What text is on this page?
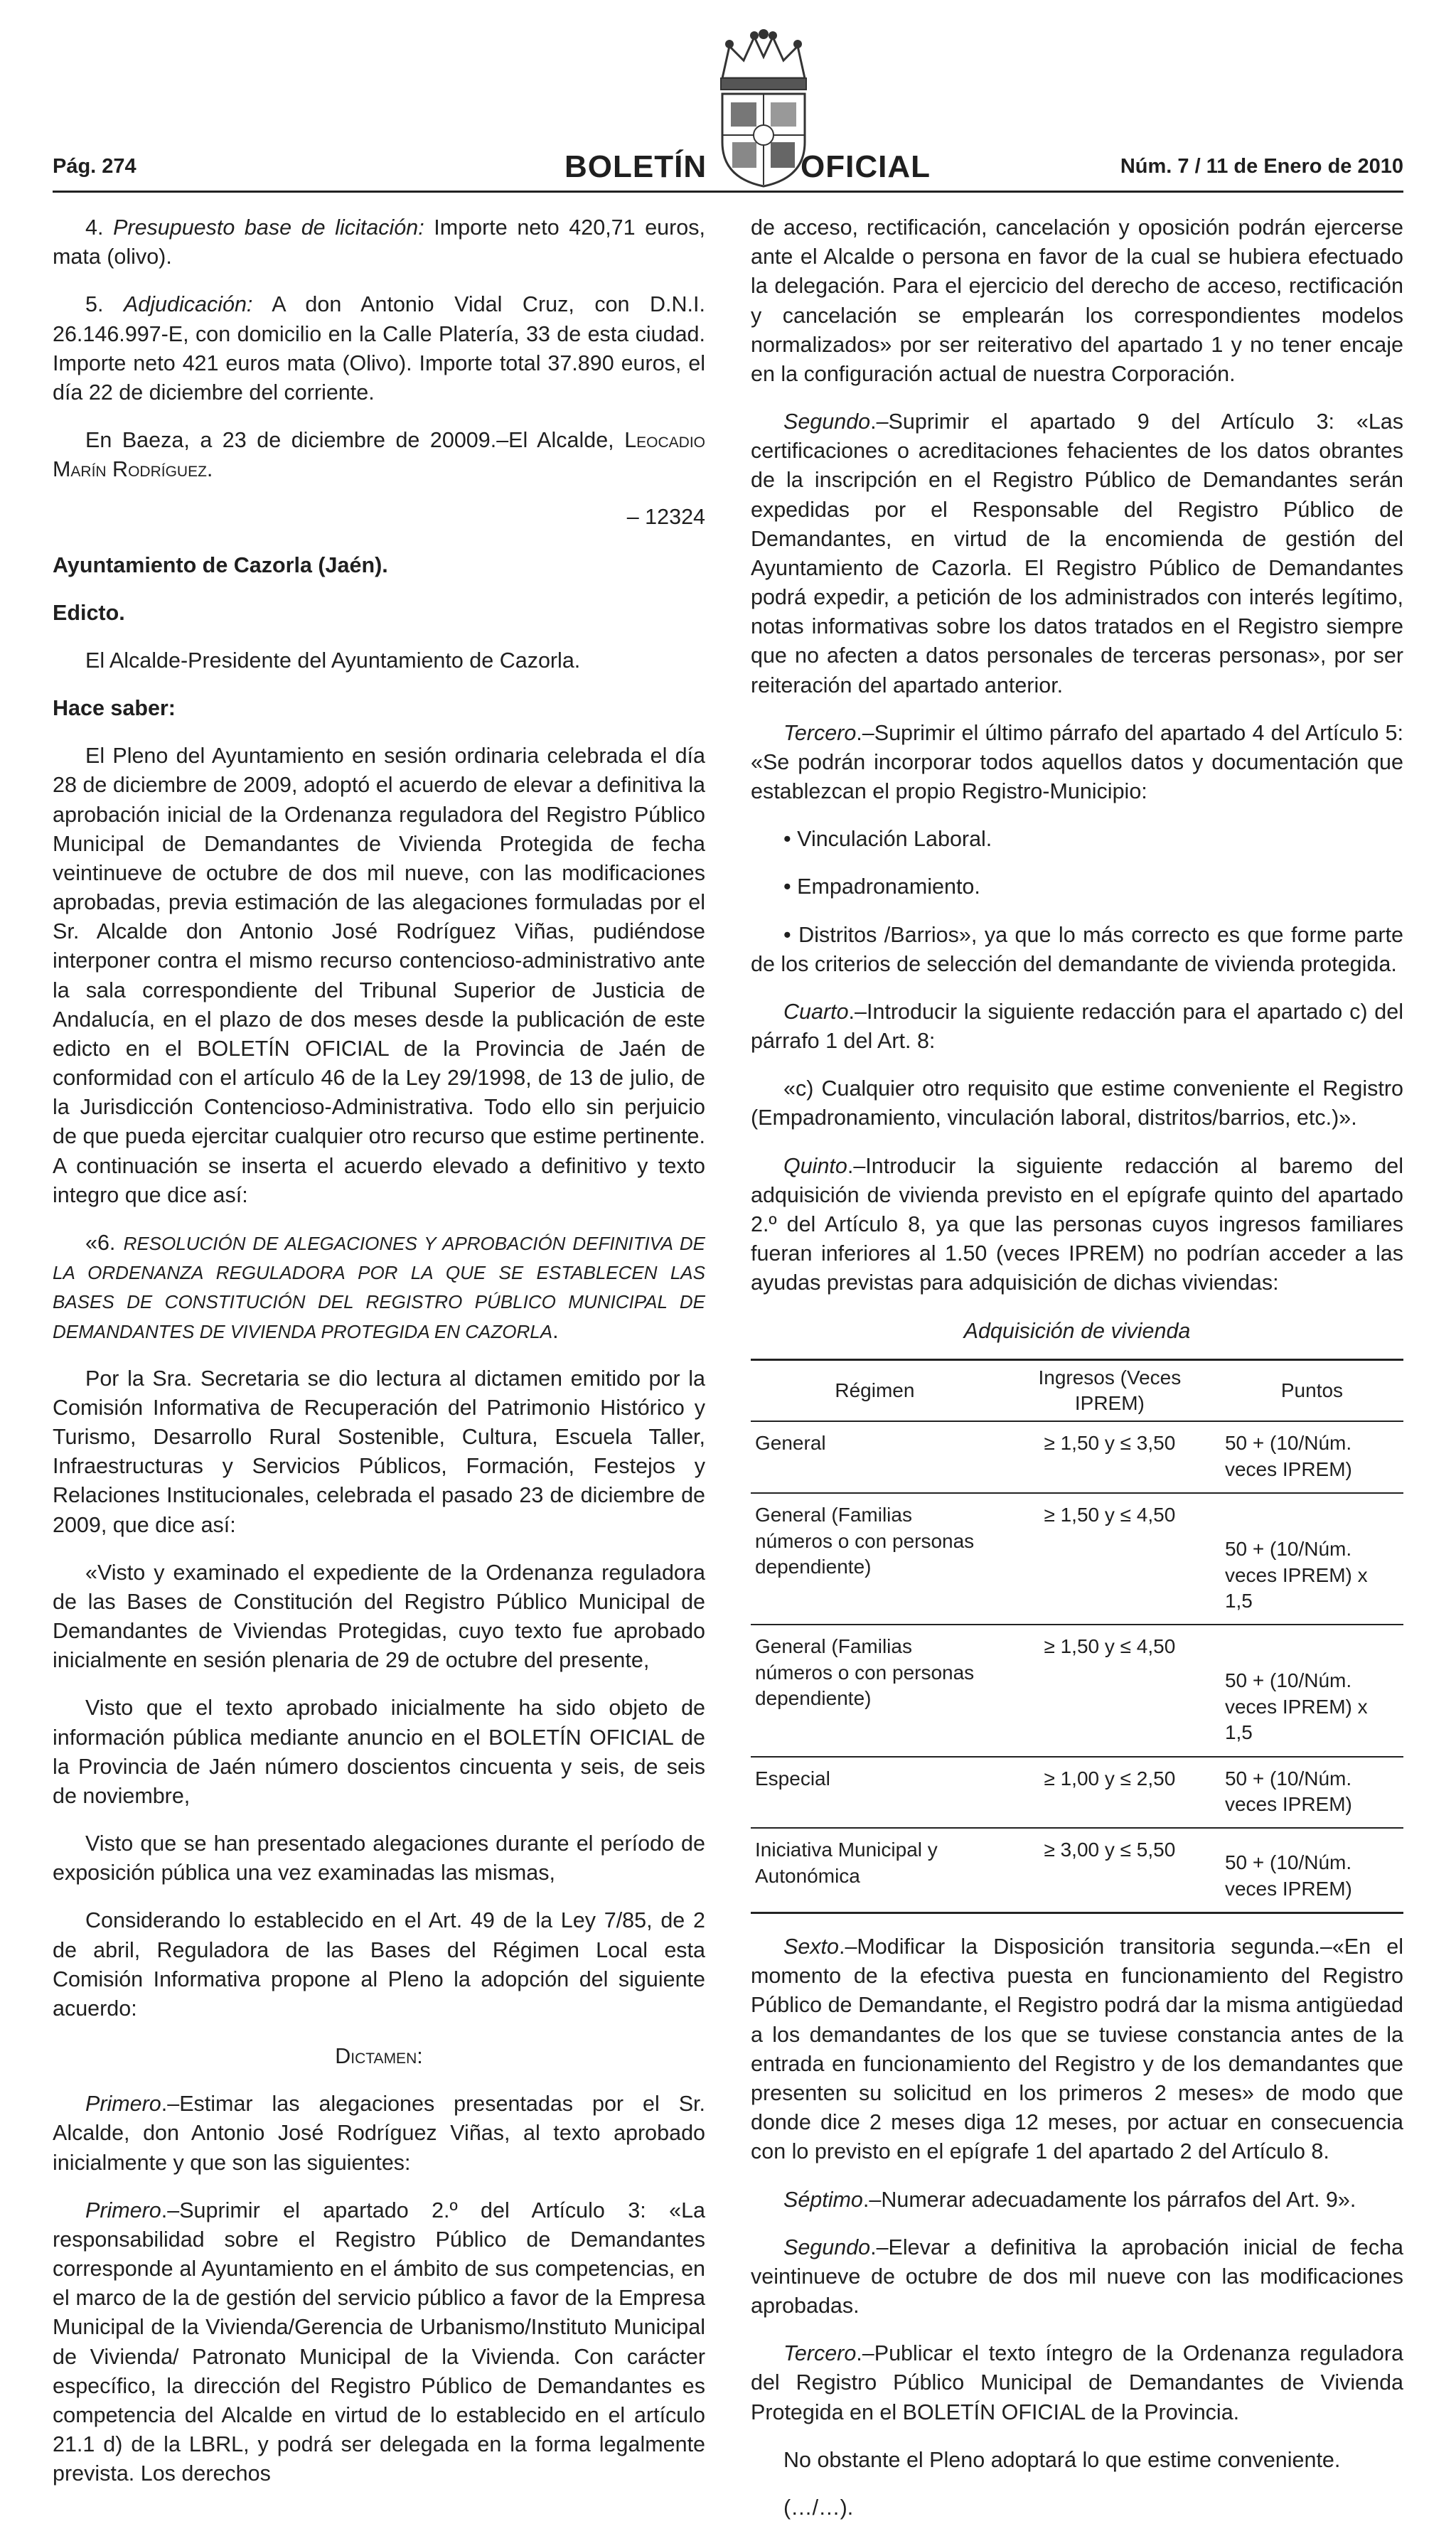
Pág. 274	BOLETÍN	OFICIAL	Núm. 7 / 11 de Enero de 2010

4. Presupuesto base de licitación: Importe neto 420,71 euros, mata (olivo).

5. Adjudicación: A don Antonio Vidal Cruz, con D.N.I. 26.146.997-E, con domicilio en la Calle Platería, 33 de esta ciudad. Importe neto 421 euros mata (Olivo). Importe total 37.890 euros, el día 22 de diciembre del corriente.

En Baeza, a 23 de diciembre de 20009.–El Alcalde, Leocadio Marín Rodríguez.

– 12324

Ayuntamiento de Cazorla (Jaén).

Edicto.

El Alcalde-Presidente del Ayuntamiento de Cazorla.

Hace saber:

El Pleno del Ayuntamiento en sesión ordinaria celebrada el día 28 de diciembre de 2009, adoptó el acuerdo de elevar a definitiva la aprobación inicial de la Ordenanza reguladora del Registro Público Municipal de Demandantes de Vivienda Protegida de fecha veintinueve de octubre de dos mil nueve, con las modificaciones aprobadas, previa estimación de las alegaciones formuladas por el Sr. Alcalde don Antonio José Rodríguez Viñas, pudiéndose interponer contra el mismo recurso contencioso-administrativo ante la sala correspondiente del Tribunal Superior de Justicia de Andalucía, en el plazo de dos meses desde la publicación de este edicto en el BOLETÍN OFICIAL de la Provincia de Jaén de conformidad con el artículo 46 de la Ley 29/1998, de 13 de julio, de la Jurisdicción Contencioso-Administrativa. Todo ello sin perjuicio de que pueda ejercitar cualquier otro recurso que estime pertinente. A continuación se inserta el acuerdo elevado a definitivo y texto integro que dice así:

«6. RESOLUCIÓN DE ALEGACIONES Y APROBACIÓN DEFINITIVA DE LA ORDENANZA REGULADORA POR LA QUE SE ESTABLECEN LAS BASES DE CONSTITUCIÓN DEL REGISTRO PÚBLICO MUNICIPAL DE DEMANDANTES DE VIVIENDA PROTEGIDA EN CAZORLA.

Por la Sra. Secretaria se dio lectura al dictamen emitido por la Comisión Informativa de Recuperación del Patrimonio Histórico y Turismo, Desarrollo Rural Sostenible, Cultura, Escuela Taller, Infraestructuras y Servicios Públicos, Formación, Festejos y Relaciones Institucionales, celebrada el pasado 23 de diciembre de 2009, que dice así:

«Visto y examinado el expediente de la Ordenanza reguladora de las Bases de Constitución del Registro Público Municipal de Demandantes de Viviendas Protegidas, cuyo texto fue aprobado inicialmente en sesión plenaria de 29 de octubre del presente,

Visto que el texto aprobado inicialmente ha sido objeto de información pública mediante anuncio en el BOLETÍN OFICIAL de la Provincia de Jaén número doscientos cincuenta y seis, de seis de noviembre,

Visto que se han presentado alegaciones durante el período de exposición pública una vez examinadas las mismas,

Considerando lo establecido en el Art. 49 de la Ley 7/85, de 2 de abril, Reguladora de las Bases del Régimen Local esta Comisión Informativa propone al Pleno la adopción del siguiente acuerdo:

Dictamen:

Primero.–Estimar las alegaciones presentadas por el Sr. Alcalde, don Antonio José Rodríguez Viñas, al texto aprobado inicialmente y que son las siguientes:

Primero.–Suprimir el apartado 2.º del Artículo 3: «La responsabilidad sobre el Registro Público de Demandantes corresponde al Ayuntamiento en el ámbito de sus competencias, en el marco de la de gestión del servicio público a favor de la Empresa Municipal de la Vivienda/Gerencia de Urbanismo/Instituto Municipal de Vivienda/ Patronato Municipal de la Vivienda. Con carácter específico, la dirección del Registro Público de Demandantes es competencia del Alcalde en virtud de lo establecido en el artículo 21.1 d) de la LBRL, y podrá ser delegada en la forma legalmente prevista. Los derechos

de acceso, rectificación, cancelación y oposición podrán ejercerse ante el Alcalde o persona en favor de la cual se hubiera efectuado la delegación. Para el ejercicio del derecho de acceso, rectificación y cancelación se emplearán los correspondientes modelos normalizados» por ser reiterativo del apartado 1 y no tener encaje en la configuración actual de nuestra Corporación.

Segundo.–Suprimir el apartado 9 del Artículo 3: «Las certificaciones o acreditaciones fehacientes de los datos obrantes de la inscripción en el Registro Público de Demandantes serán expedidas por el Responsable del Registro Público de Demandantes, en virtud de la encomienda de gestión del Ayuntamiento de Cazorla. El Registro Público de Demandantes podrá expedir, a petición de los administrados con interés legítimo, notas informativas sobre los datos tratados en el Registro siempre que no afecten a datos personales de terceras personas», por ser reiteración del apartado anterior.

Tercero.–Suprimir el último párrafo del apartado 4 del Artículo 5: «Se podrán incorporar todos aquellos datos y documentación que establezcan el propio Registro-Municipio:

• Vinculación Laboral.
• Empadronamiento.

• Distritos /Barrios», ya que lo más correcto es que forme parte de los criterios de selección del demandante de vivienda protegida.

Cuarto.–Introducir la siguiente redacción para el apartado c) del párrafo 1 del Art. 8:

«c) Cualquier otro requisito que estime conveniente el Registro (Empadronamiento, vinculación laboral, distritos/barrios, etc.)».

Quinto.–Introducir la siguiente redacción al baremo del adquisición de vivienda previsto en el epígrafe quinto del apartado 2.º del Artículo 8, ya que las personas cuyos ingresos familiares fueran inferiores al 1.50 (veces IPREM) no podrían acceder a las ayudas previstas para adquisición de dichas viviendas:

Adquisición de vivienda
Régimen	Ingresos (Veces IPREM)	Puntos
General	≥ 1,50 y ≤ 3,50	50 + (10/Núm. veces IPREM)
General (Familias números o con personas dependiente)	≥ 1,50 y ≤ 4,50	50 + (10/Núm. veces IPREM) x 1,5
General (Familias números o con personas dependiente)	≥ 1,50 y ≤ 4,50	50 + (10/Núm. veces IPREM) x 1,5
Especial	≥ 1,00 y ≤ 2,50	50 + (10/Núm. veces IPREM)
Iniciativa Municipal y Autonómica	≥ 3,00 y ≤ 5,50	50 + (10/Núm. veces IPREM)

Sexto.–Modificar la Disposición transitoria segunda.–«En el momento de la efectiva puesta en funcionamiento del Registro Público de Demandante, el Registro podrá dar la misma antigüedad a los demandantes de los que se tuviese constancia antes de la entrada en funcionamiento del Registro y de los demandantes que presenten su solicitud en los primeros 2 meses» de modo que donde dice 2 meses diga 12 meses, por actuar en consecuencia con lo previsto en el epígrafe 1 del apartado 2 del Artículo 8.

Séptimo.–Numerar adecuadamente los párrafos del Art. 9».

Segundo.–Elevar a definitiva la aprobación inicial de fecha veintinueve de octubre de dos mil nueve con las modificaciones aprobadas.

Tercero.–Publicar el texto íntegro de la Ordenanza reguladora del Registro Público Municipal de Demandantes de Vivienda Protegida en el BOLETÍN OFICIAL de la Provincia.

No obstante el Pleno adoptará lo que estime conveniente.

(…/…).
